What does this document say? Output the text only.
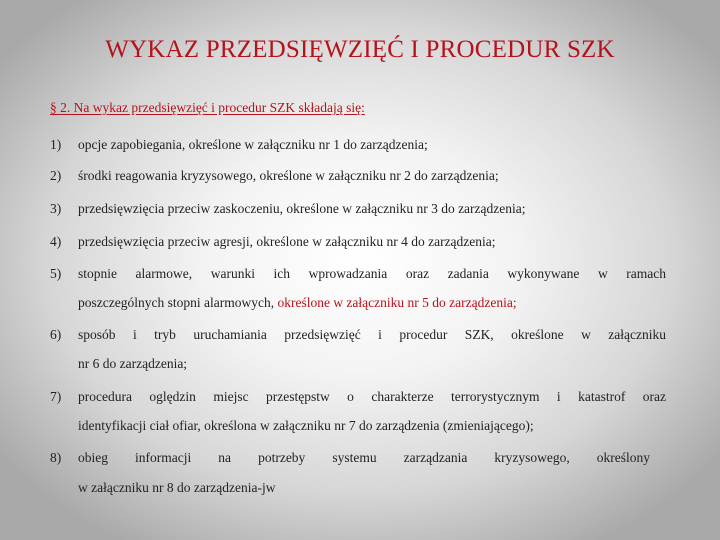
WYKAZ PRZEDSIĘWZIĘĆ I PROCEDUR SZK
§ 2. Na wykaz przedsięwzięć i procedur SZK składają się:
1)	opcje zapobiegania, określone w załączniku nr 1 do zarządzenia;
2)	środki reagowania kryzysowego, określone w załączniku nr 2 do zarządzenia;
3)	przedsięwzięcia przeciw zaskoczeniu, określone w załączniku nr 3 do zarządzenia;
4)	przedsięwzięcia przeciw agresji, określone w załączniku nr 4 do zarządzenia;
5)	stopnie alarmowe, warunki ich wprowadzania oraz zadania wykonywane w ramach
poszczególnych stopni alarmowych, określone w załączniku nr 5 do zarządzenia;
6)	sposób i tryb uruchamiania przedsięwzięć i procedur SZK, określone w załączniku
nr 6 do zarządzenia;
7)	procedura oględzin miejsc przestępstw o charakterze terrorystycznym i katastrof oraz
identyfikacji ciał ofiar, określona w załączniku nr 7 do zarządzenia (zmieniającego);
8)	obieg informacji na potrzeby systemu zarządzania kryzysowego, określony
w załączniku nr 8 do zarządzenia-jw
